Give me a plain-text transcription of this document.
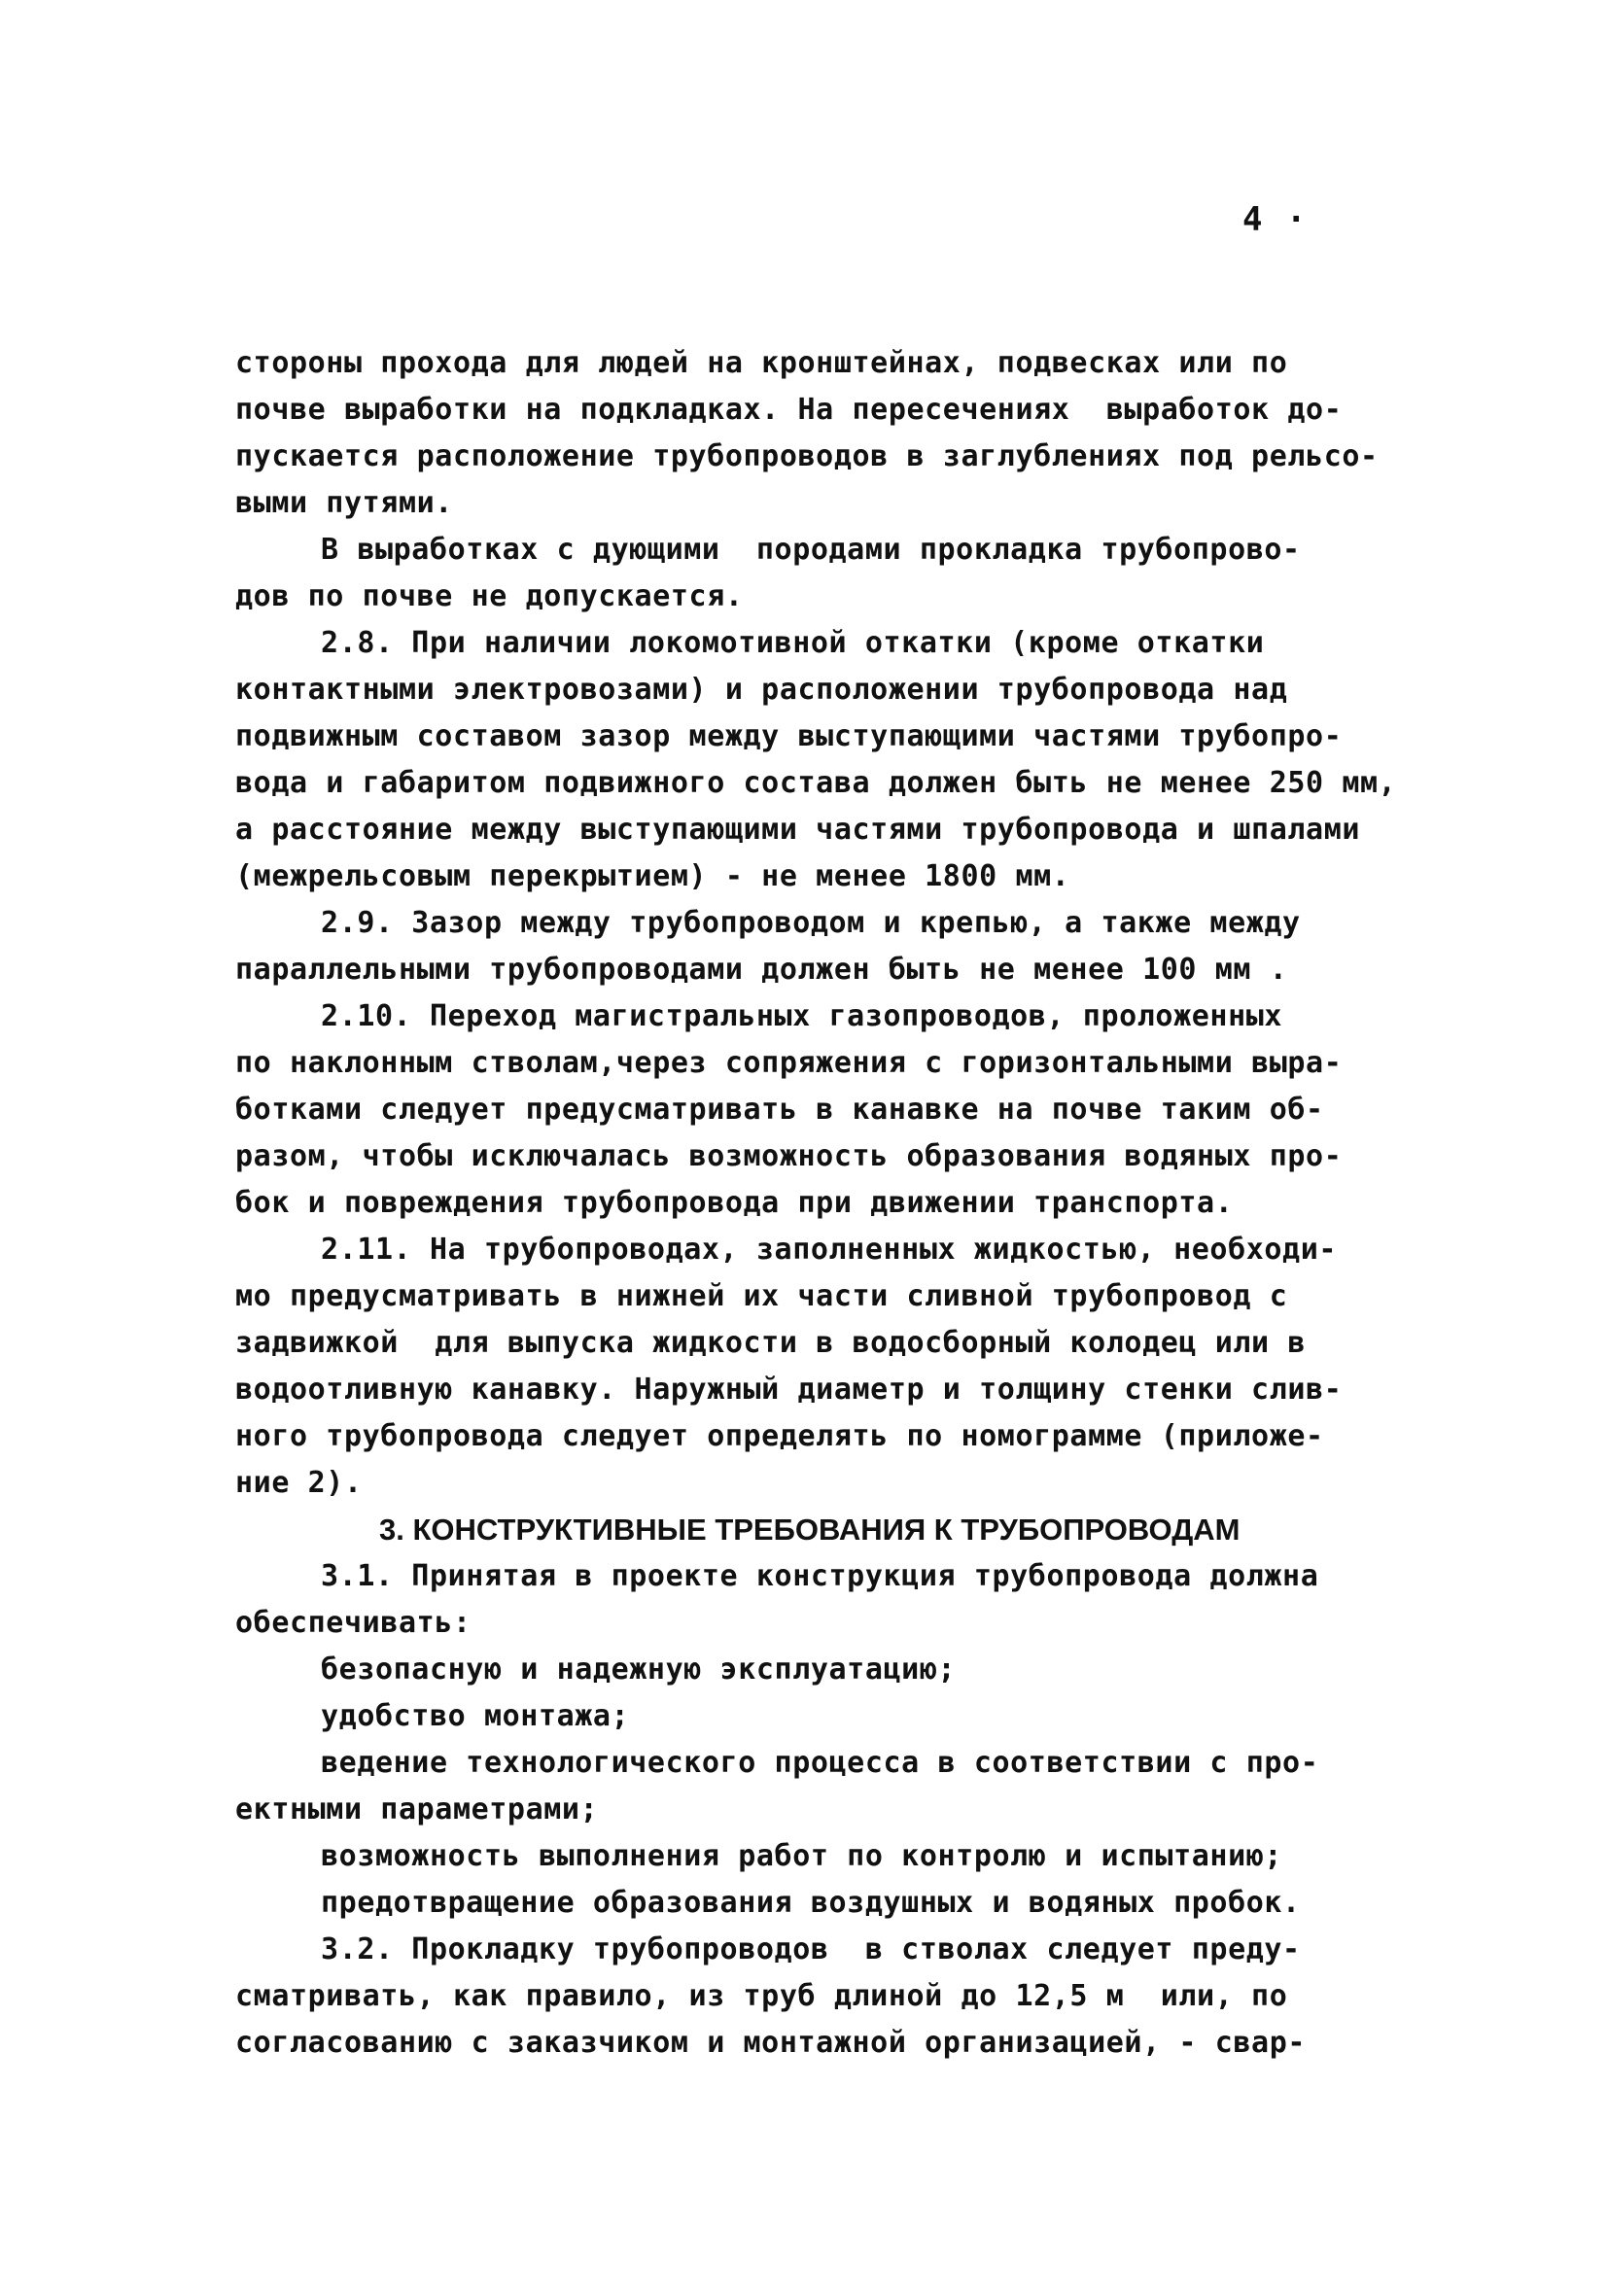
4 ·
стороны прохода для людей на кронштейнах, подвесках или по
почве выработки на подкладках. На пересечениях  выработок до-
пускается расположение трубопроводов в заглублениях под рельсо-
выми путями.
В выработках с дующими  породами прокладка трубопрово-
дов по почве не допускается.
2.8. При наличии локомотивной откатки (кроме откатки
контактными электровозами) и расположении трубопровода над
подвижным составом зазор между выступающими частями трубопро-
вода и габаритом подвижного состава должен быть не менее 250 мм,
а расстояние между выступающими частями трубопровода и шпалами
(межрельсовым перекрытием) - не менее 1800 мм.
2.9. Зазор между трубопроводом и крепью, а также между
параллельными трубопроводами должен быть не менее 100 мм .
2.10. Переход магистральных газопроводов, проложенных
по наклонным стволам,через сопряжения с горизонтальными выра-
ботками следует предусматривать в канавке на почве таким об-
разом, чтобы исключалась возможность образования водяных про-
бок и повреждения трубопровода при движении транспорта.
2.11. На трубопроводах, заполненных жидкостью, необходи-
мо предусматривать в нижней их части сливной трубопровод с
задвижкой  для выпуска жидкости в водосборный колодец или в
водоотливную канавку. Наружный диаметр и толщину стенки слив-
ного трубопровода следует определять по номограмме (приложе-
ние 2).
3. КОНСТРУКТИВНЫЕ ТРЕБОВАНИЯ К ТРУБОПРОВОДАМ
3.1. Принятая в проекте конструкция трубопровода должна
обеспечивать:
безопасную и надежную эксплуатацию;
удобство монтажа;
ведение технологического процесса в соответствии с про-
ектными параметрами;
возможность выполнения работ по контролю и испытанию;
предотвращение образования воздушных и водяных пробок.
3.2. Прокладку трубопроводов  в стволах следует преду-
сматривать, как правило, из труб длиной до 12,5 м  или, по
согласованию с заказчиком и монтажной организацией, - свар-
